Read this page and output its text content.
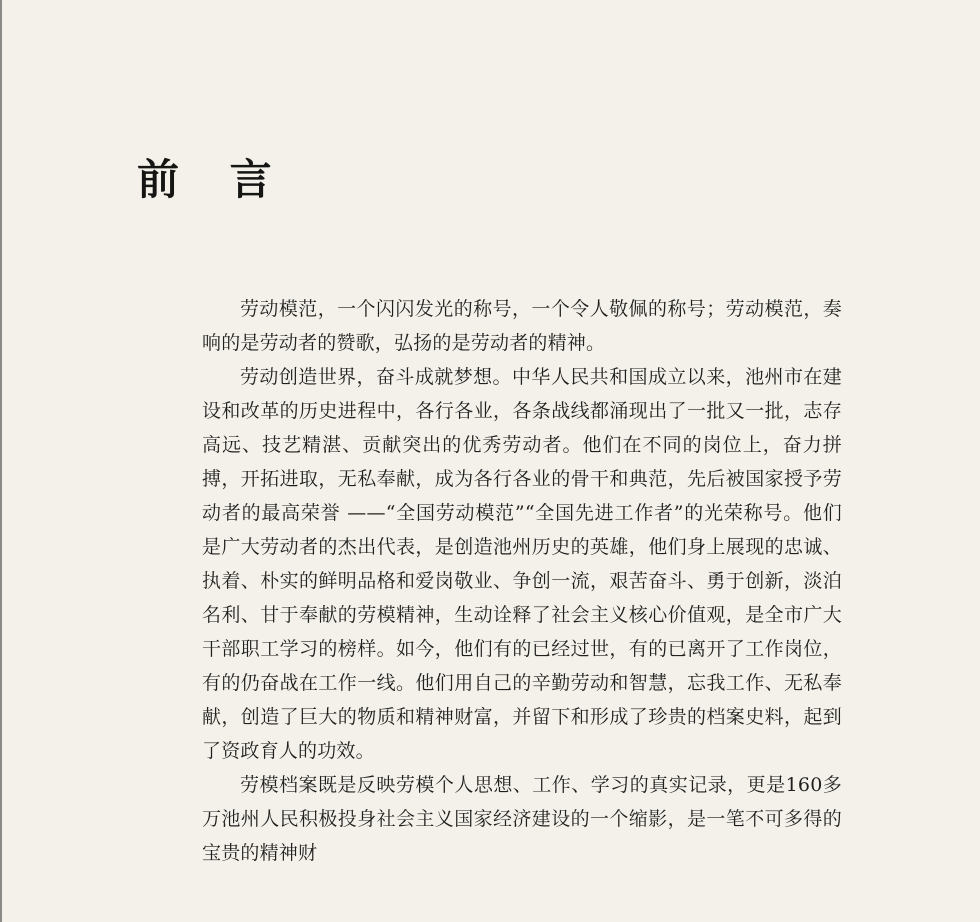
前 言

劳动模范，一个闪闪发光的称号，一个令人敬佩的称号；劳动模范，奏响的是劳动者的赞歌，弘扬的是劳动者的精神。

劳动创造世界，奋斗成就梦想。中华人民共和国成立以来，池州市在建设和改革的历史进程中，各行各业，各条战线都涌现出了一批又一批，志存高远、技艺精湛、贡献突出的优秀劳动者。他们在不同的岗位上，奋力拼搏，开拓进取，无私奉献，成为各行各业的骨干和典范，先后被国家授予劳动者的最高荣誉 ——“全国劳动模范”“全国先进工作者”的光荣称号。他们是广大劳动者的杰出代表，是创造池州历史的英雄，他们身上展现的忠诚、执着、朴实的鲜明品格和爱岗敬业、争创一流，艰苦奋斗、勇于创新，淡泊名利、甘于奉献的劳模精神，生动诠释了社会主义核心价值观，是全市广大干部职工学习的榜样。如今，他们有的已经过世，有的已离开了工作岗位，有的仍奋战在工作一线。他们用自己的辛勤劳动和智慧，忘我工作、无私奉献，创造了巨大的物质和精神财富，并留下和形成了珍贵的档案史料，起到了资政育人的功效。

劳模档案既是反映劳模个人思想、工作、学习的真实记录，更是160多万池州人民积极投身社会主义国家经济建设的一个缩影，是一笔不可多得的宝贵的精神财
